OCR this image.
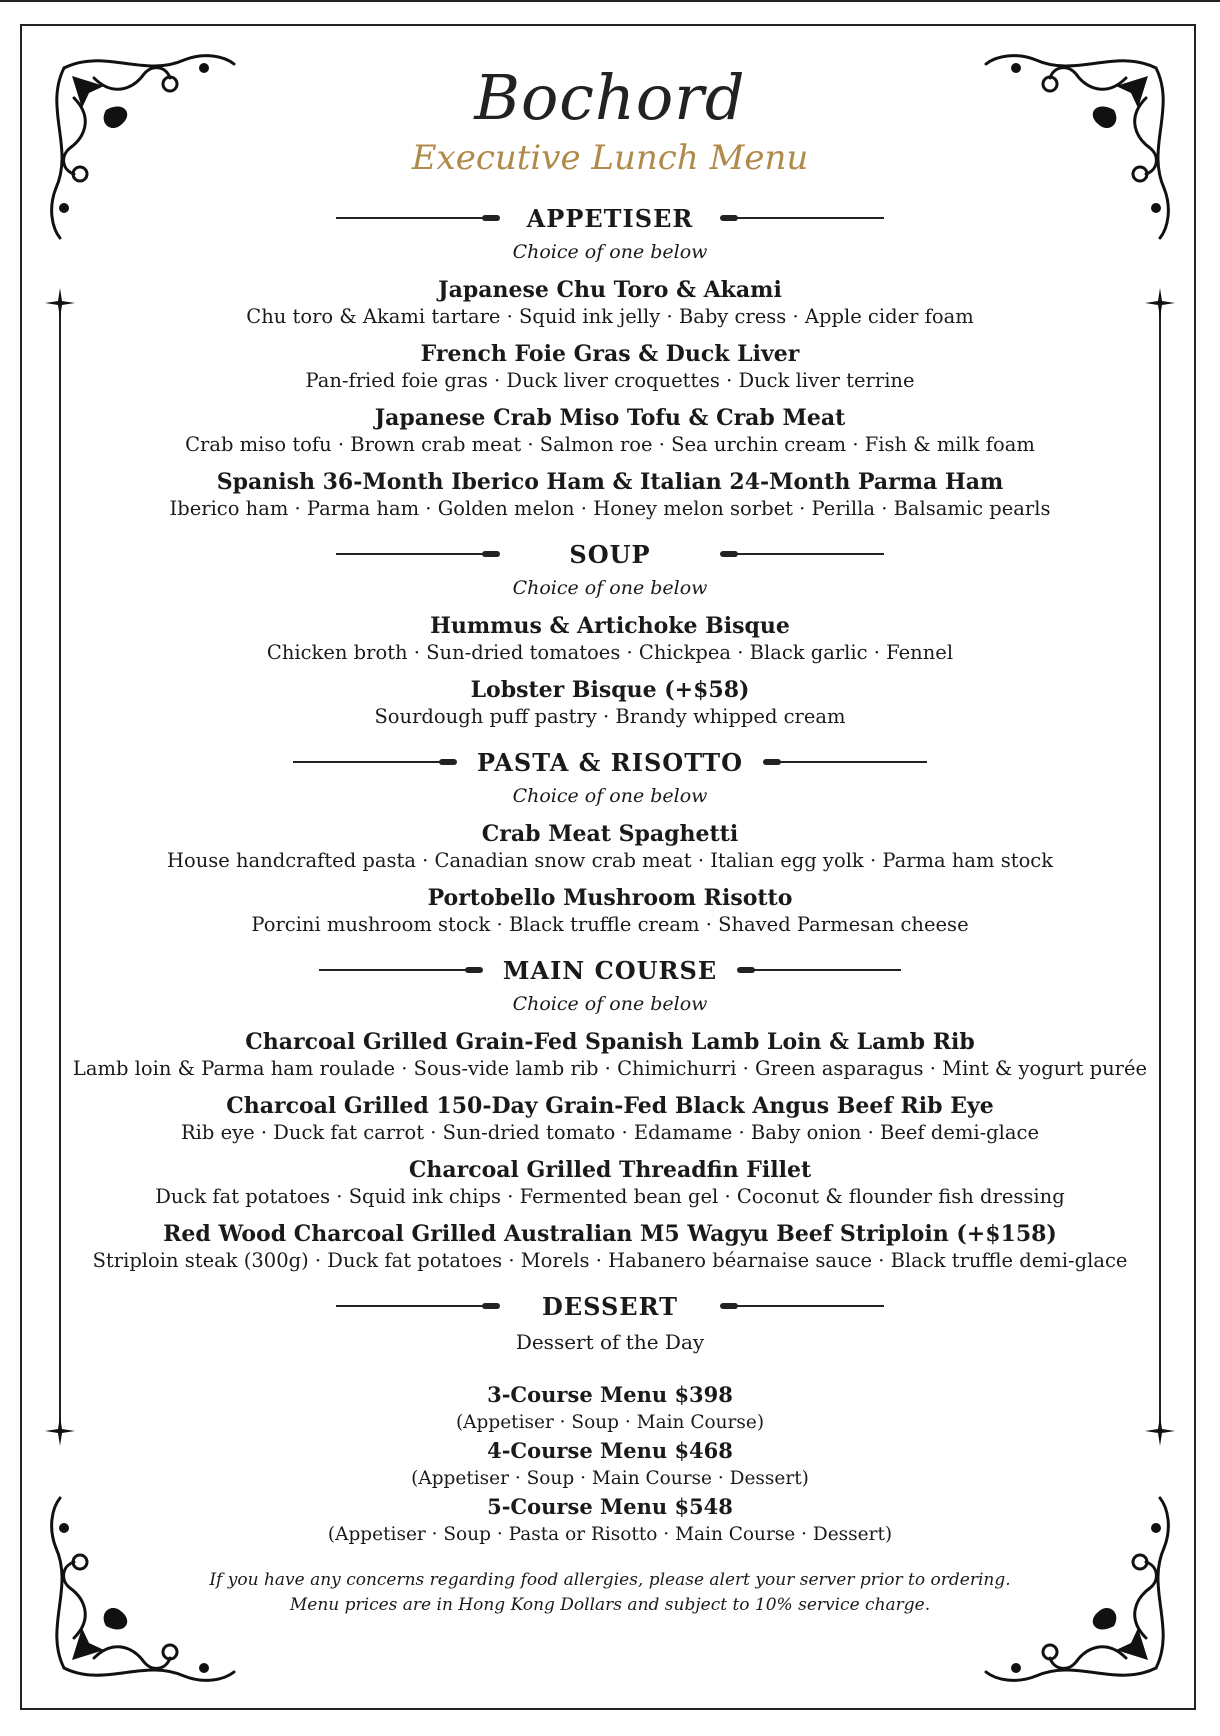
Bochord
Executive Lunch Menu
APPETISER
Choice of one below
Japanese Chu Toro & Akami
Chu toro & Akami tartare · Squid ink jelly · Baby cress · Apple cider foam
French Foie Gras & Duck Liver
Pan-fried foie gras · Duck liver croquettes · Duck liver terrine
Japanese Crab Miso Tofu & Crab Meat
Crab miso tofu · Brown crab meat · Salmon roe · Sea urchin cream · Fish & milk foam
Spanish 36-Month Iberico Ham & Italian 24-Month Parma Ham
Iberico ham · Parma ham · Golden melon · Honey melon sorbet · Perilla · Balsamic pearls
SOUP
Choice of one below
Hummus & Artichoke Bisque
Chicken broth · Sun-dried tomatoes · Chickpea · Black garlic · Fennel
Lobster Bisque (+$58)
Sourdough puff pastry · Brandy whipped cream
PASTA & RISOTTO
Choice of one below
Crab Meat Spaghetti
House handcrafted pasta · Canadian snow crab meat · Italian egg yolk · Parma ham stock
Portobello Mushroom Risotto
Porcini mushroom stock · Black truffle cream · Shaved Parmesan cheese
MAIN COURSE
Choice of one below
Charcoal Grilled Grain-Fed Spanish Lamb Loin & Lamb Rib
Lamb loin & Parma ham roulade · Sous-vide lamb rib · Chimichurri · Green asparagus · Mint & yogurt purée
Charcoal Grilled 150-Day Grain-Fed Black Angus Beef Rib Eye
Rib eye · Duck fat carrot · Sun-dried tomato · Edamame · Baby onion · Beef demi-glace
Charcoal Grilled Threadfin Fillet
Duck fat potatoes · Squid ink chips · Fermented bean gel · Coconut & flounder fish dressing
Red Wood Charcoal Grilled Australian M5 Wagyu Beef Striploin (+$158)
Striploin steak (300g) · Duck fat potatoes · Morels · Habanero béarnaise sauce · Black truffle demi-glace
DESSERT
Dessert of the Day
3-Course Menu $398
(Appetiser · Soup · Main Course)
4-Course Menu $468
(Appetiser · Soup · Main Course · Dessert)
5-Course Menu $548
(Appetiser · Soup · Pasta or Risotto · Main Course · Dessert)
If you have any concerns regarding food allergies, please alert your server prior to ordering.
Menu prices are in Hong Kong Dollars and subject to 10% service charge.
